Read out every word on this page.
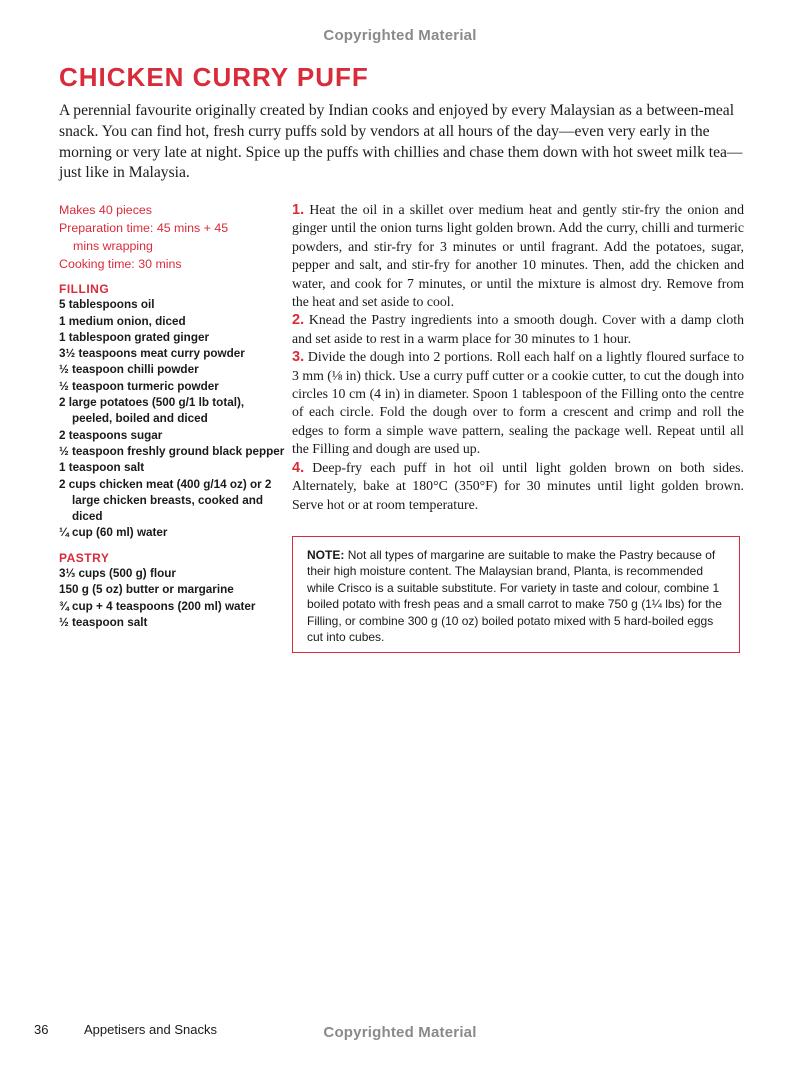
Copyrighted Material
CHICKEN CURRY PUFF

A perennial favourite originally created by Indian cooks and enjoyed by every Malaysian as a between-meal snack. You can find hot, fresh curry puffs sold by vendors at all hours of the day—even very early in the morning or very late at night. Spice up the puffs with chillies and chase them down with hot sweet milk tea—just like in Malaysia.

Makes 40 pieces
Preparation time: 45 mins + 45
mins wrapping
Cooking time: 30 mins
FILLING
5 tablespoons oil
1 medium onion, diced
1 tablespoon grated ginger
3½ teaspoons meat curry powder
½ teaspoon chilli powder
½ teaspoon turmeric powder
2 large potatoes (500 g/1 lb total), peeled, boiled and diced
2 teaspoons sugar
½ teaspoon freshly ground black pepper
1 teaspoon salt
2 cups chicken meat (400 g/14 oz) or 2 large chicken breasts, cooked and diced
¼ cup (60 ml) water
PASTRY
3⅓ cups (500 g) flour
150 g (5 oz) butter or margarine
¾ cup + 4 teaspoons (200 ml) water
½ teaspoon salt
1. Heat the oil in a skillet over medium heat and gently stir-fry the onion and ginger until the onion turns light golden brown. Add the curry, chilli and turmeric powders, and stir-fry for 3 minutes or until fragrant. Add the potatoes, sugar, pepper and salt, and stir-fry for another 10 minutes. Then, add the chicken and water, and cook for 7 minutes, or until the mixture is almost dry. Remove from the heat and set aside to cool.
2. Knead the Pastry ingredients into a smooth dough. Cover with a damp cloth and set aside to rest in a warm place for 30 minutes to 1 hour.
3. Divide the dough into 2 portions. Roll each half on a lightly floured surface to 3 mm (⅛ in) thick. Use a curry puff cutter or a cookie cutter, to cut the dough into circles 10 cm (4 in) in diameter. Spoon 1 tablespoon of the Filling onto the centre of each circle. Fold the dough over to form a crescent and crimp and roll the edges to form a simple wave pattern, sealing the package well. Repeat until all the Filling and dough are used up.
4. Deep-fry each puff in hot oil until light golden brown on both sides. Alternately, bake at 180°C (350°F) for 30 minutes until light golden brown. Serve hot or at room temperature.
NOTE: Not all types of margarine are suitable to make the Pastry because of their high moisture content. The Malaysian brand, Planta, is recommended while Crisco is a suitable substitute. For variety in taste and colour, combine 1 boiled potato with fresh peas and a small carrot to make 750 g (1¼ lbs) for the Filling, or combine 300 g (10 oz) boiled potato mixed with 5 hard-boiled eggs cut into cubes.
36	Appetisers and Snacks	Copyrighted Material
